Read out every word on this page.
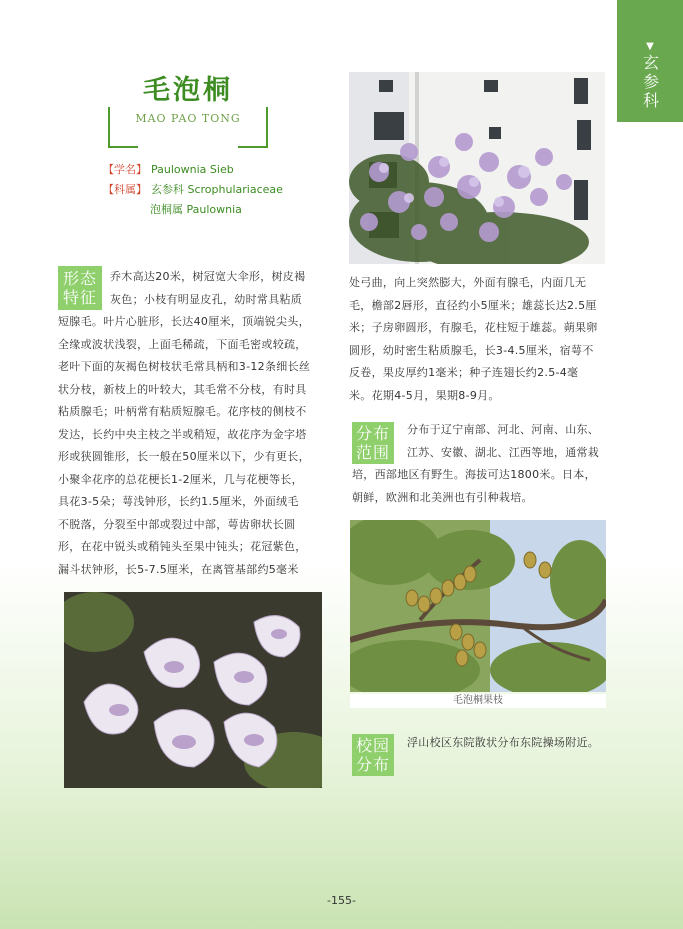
▼
玄参科
毛泡桐
MAO PAO TONG
【学名】 Paulownia Sieb
【科属】 玄参科 Scrophulariaceae
泡桐属 Paulownia
形态
特征
乔木高达20米，树冠宽大伞形，树皮褐
灰色；小枝有明显皮孔，幼时常具粘质
短腺毛。叶片心脏形，长达40厘米，顶端锐尖头，
全缘或波状浅裂，上面毛稀疏，下面毛密或较疏，
老叶下面的灰褐色树枝状毛常具柄和3-12条细长丝
状分枝，新枝上的叶较大，其毛常不分枝，有时具
粘质腺毛；叶柄常有粘质短腺毛。花序枝的侧枝不
发达，长约中央主枝之半或稍短，故花序为金字塔
形或狭圆锥形，长一般在50厘米以下，少有更长，
小聚伞花序的总花梗长1-2厘米，几与花梗等长，
具花3-5朵；萼浅钟形，长约1.5厘米，外面绒毛
不脱落，分裂至中部或裂过中部，萼齿卵状长圆
形，在花中锐头或稍钝头至果中钝头；花冠紫色，
漏斗状钟形，长5-7.5厘米，在离管基部约5毫米
处弓曲，向上突然膨大，外面有腺毛，内面几无
毛，檐部2唇形，直径约小5厘米；雄蕊长达2.5厘
米；子房卵圆形，有腺毛，花柱短于雄蕊。蒴果卵
圆形，幼时密生粘质腺毛，长3-4.5厘米，宿萼不
反卷，果皮厚约1毫米；种子连翅长约2.5-4毫
米。花期4-5月，果期8-9月。
分布
范围
分布于辽宁南部、河北、河南、山东、
江苏、安徽、湖北、江西等地，通常栽
培，西部地区有野生。海拔可达1800米。日本，
朝鲜，欧洲和北美洲也有引种栽培。
毛泡桐果枝
校园
分布
浮山校区东院散状分布东院操场附近。
-155-
